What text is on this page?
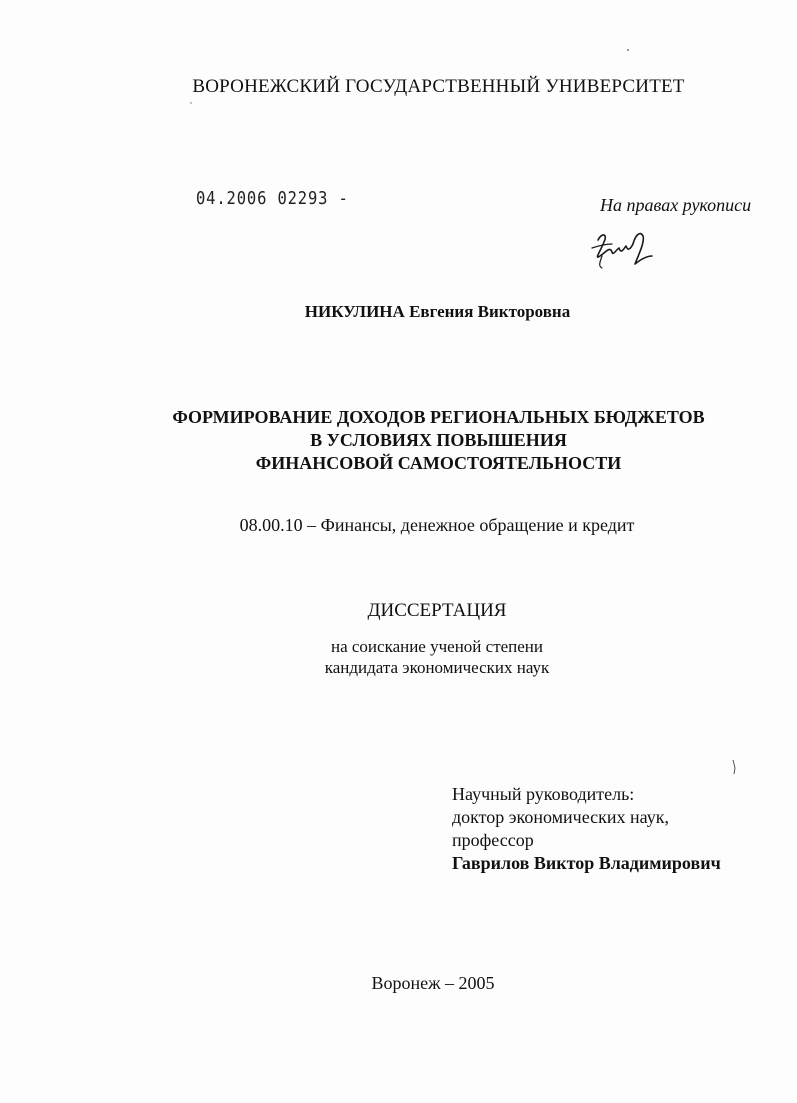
ВОРОНЕЖСКИЙ ГОСУДАРСТВЕННЫЙ УНИВЕРСИТЕТ
04.2006 02293 -	На правах рукописи
НИКУЛИНА Евгения Викторовна
ФОРМИРОВАНИЕ ДОХОДОВ РЕГИОНАЛЬНЫХ БЮДЖЕТОВ
В УСЛОВИЯХ ПОВЫШЕНИЯ
ФИНАНСОВОЙ САМОСТОЯТЕЛЬНОСТИ
08.00.10 – Финансы, денежное обращение и кредит
ДИССЕРТАЦИЯ
на соискание ученой степени
кандидата экономических наук
Научный руководитель:
доктор экономических наук,
профессор
Гаврилов Виктор Владимирович
Воронеж – 2005
